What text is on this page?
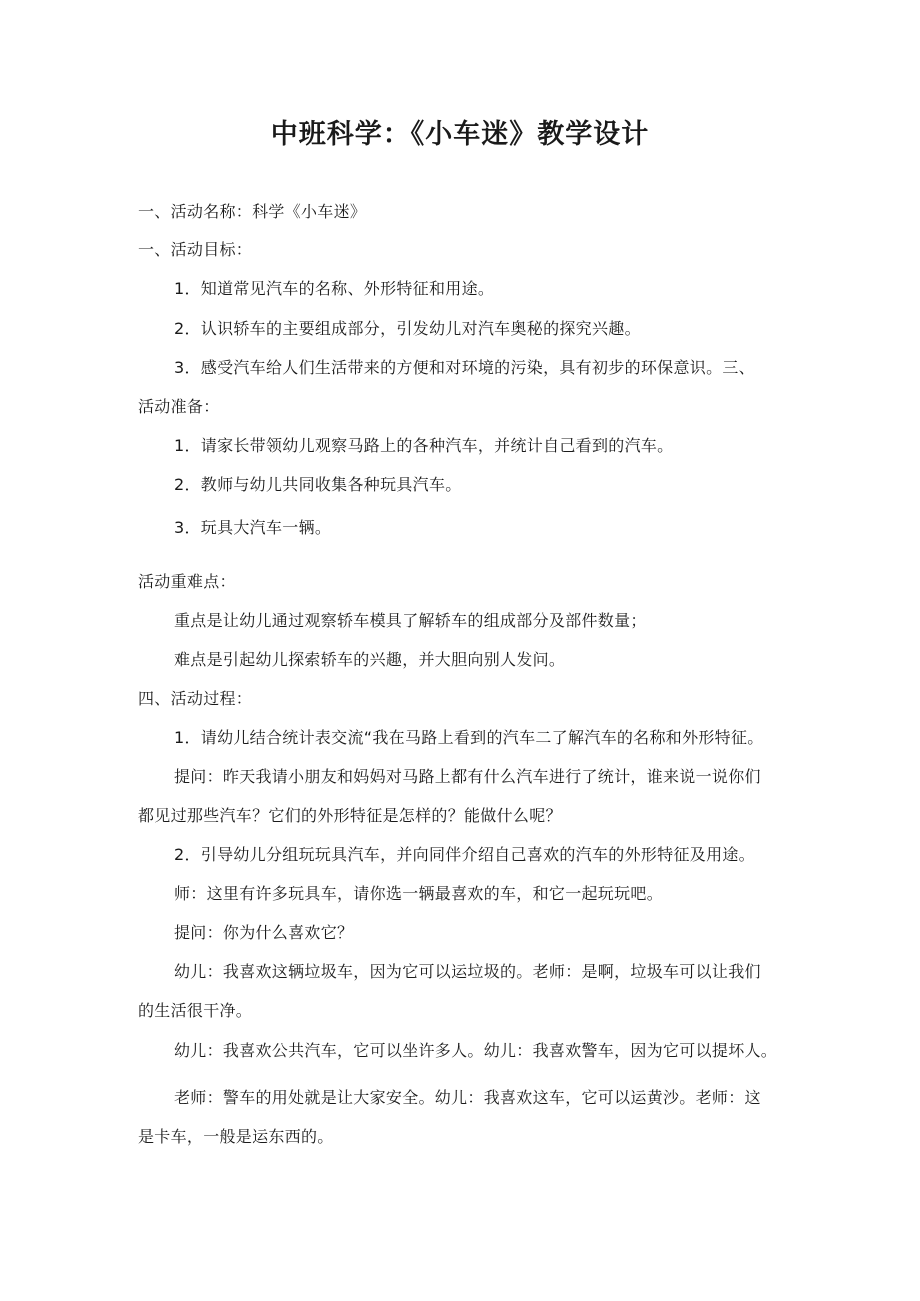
中班科学：《小车迷》教学设计
一、活动名称：科学《小车迷》
一、活动目标：
1．知道常见汽车的名称、外形特征和用途。
2．认识轿车的主要组成部分，引发幼儿对汽车奥秘的探究兴趣。
3．感受汽车给人们生活带来的方便和对环境的污染，具有初步的环保意识。三、
活动准备：
1．请家长带领幼儿观察马路上的各种汽车，并统计自己看到的汽车。
2．教师与幼儿共同收集各种玩具汽车。
3．玩具大汽车一辆。
活动重难点：
重点是让幼儿通过观察轿车模具了解轿车的组成部分及部件数量；
难点是引起幼儿探索轿车的兴趣，并大胆向别人发问。
四、活动过程：
1．请幼儿结合统计表交流“我在马路上看到的汽车二了解汽车的名称和外形特征。
提问：昨天我请小朋友和妈妈对马路上都有什么汽车进行了统计，谁来说一说你们
都见过那些汽车？它们的外形特征是怎样的？能做什么呢？
2．引导幼儿分组玩玩具汽车，并向同伴介绍自己喜欢的汽车的外形特征及用途。
师：这里有许多玩具车，请你选一辆最喜欢的车，和它一起玩玩吧。
提问：你为什么喜欢它？
幼儿：我喜欢这辆垃圾车，因为它可以运垃圾的。老师：是啊，垃圾车可以让我们
的生活很干净。
幼儿：我喜欢公共汽车，它可以坐许多人。幼儿：我喜欢警车，因为它可以提坏人。
老师：警车的用处就是让大家安全。幼儿：我喜欢这车，它可以运黄沙。老师：这
是卡车，一般是运东西的。
